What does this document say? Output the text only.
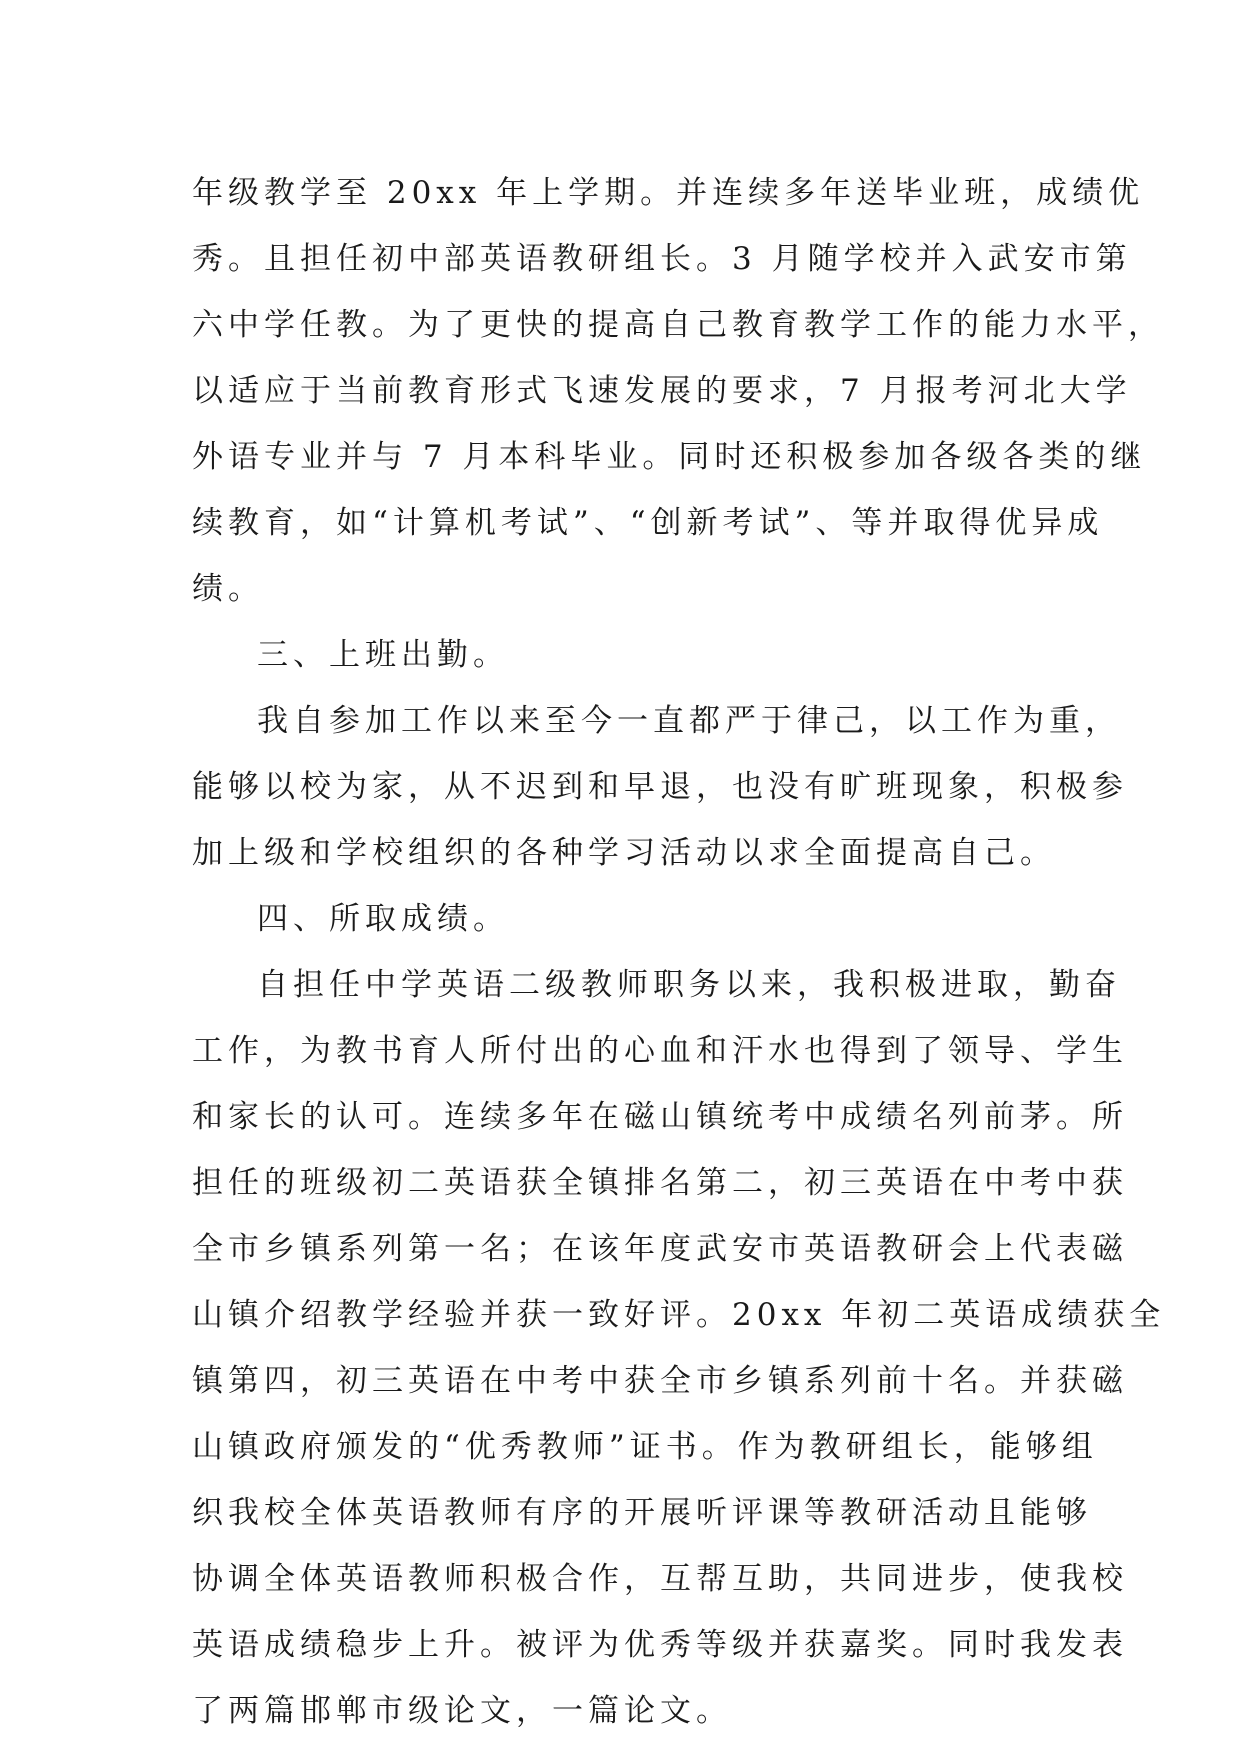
年级教学至 20xx 年上学期。并连续多年送毕业班，成绩优
秀。且担任初中部英语教研组长。3 月随学校并入武安市第
六中学任教。为了更快的提高自己教育教学工作的能力水平，
以适应于当前教育形式飞速发展的要求，7 月报考河北大学
外语专业并与 7 月本科毕业。同时还积极参加各级各类的继
续教育，如“计算机考试”、“创新考试”、等并取得优异成
绩。
三、上班出勤。
我自参加工作以来至今一直都严于律己，以工作为重，
能够以校为家，从不迟到和早退，也没有旷班现象，积极参
加上级和学校组织的各种学习活动以求全面提高自己。
四、所取成绩。
自担任中学英语二级教师职务以来，我积极进取，勤奋
工作，为教书育人所付出的心血和汗水也得到了领导、学生
和家长的认可。连续多年在磁山镇统考中成绩名列前茅。所
担任的班级初二英语获全镇排名第二，初三英语在中考中获
全市乡镇系列第一名；在该年度武安市英语教研会上代表磁
山镇介绍教学经验并获一致好评。20xx 年初二英语成绩获全
镇第四，初三英语在中考中获全市乡镇系列前十名。并获磁
山镇政府颁发的“优秀教师”证书。作为教研组长，能够组
织我校全体英语教师有序的开展听评课等教研活动且能够
协调全体英语教师积极合作，互帮互助，共同进步，使我校
英语成绩稳步上升。被评为优秀等级并获嘉奖。同时我发表
了两篇邯郸市级论文，一篇论文。
